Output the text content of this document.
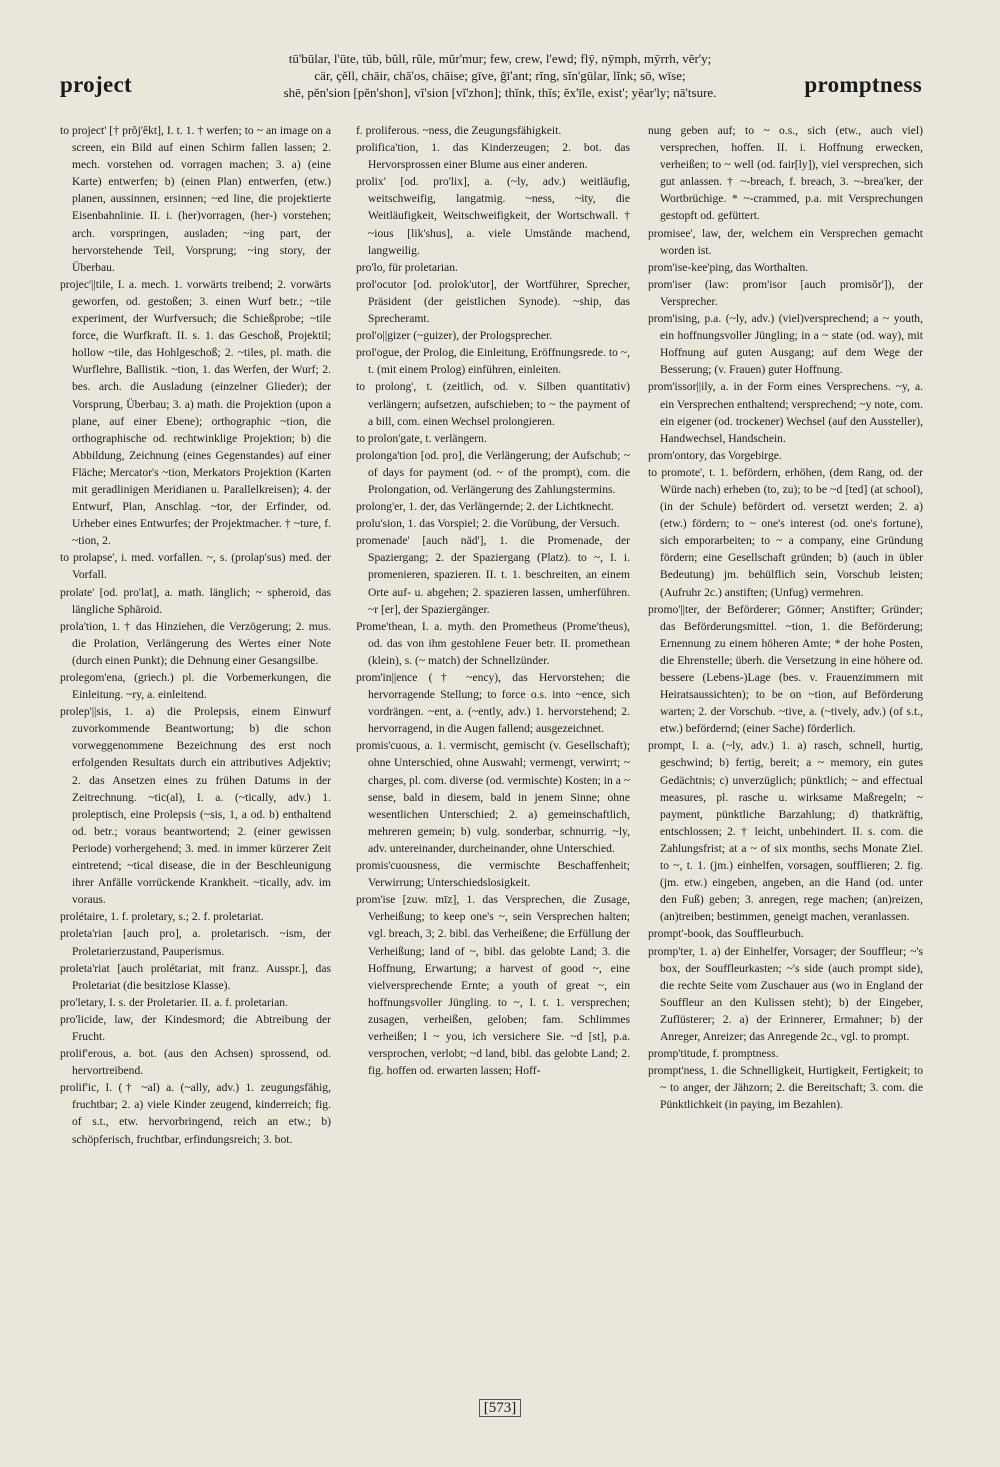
project
tū'būlar, l'ūte, tŭb, bŭll, rûle, mŭr'mur; few, crew, l'ewd; flȳ, nȳmph, mȳrrh, vĕr'y;
cär, çĕll, chāir, chā'os, chāise; gīve, ğī'ant; rĭng, sĭn'gūlar, lĭnk; sō, wīse;
shē, pĕn'sion [pĕn'shon], vĭ'sion [vĭ'zhon]; thĭnk, thĭs; ĕx'īle, exist'; yĕar'ly; nā'tsure.	promptness
to project' [† prŏj'ĕkt], I. t. 1. † werfen; to ~ an image on a screen, ein Bild auf einen Schirm fallen lassen; 2. mech. vorstehen od. vorragen machen; 3. a) (eine Karte) entwerfen; b) (einen Plan) entwerfen, (etw.) planen, aussinnen, ersinnen; ~ed line, die projektierte Eisenbahnlinie. II. i. (her)vorragen, (her-) vorstehen; arch. vorspringen, ausladen; ~ing part, der hervorstehende Teil, Vorsprung; ~ing story, der Überbau.
projec'||tile, I. a. mech. 1. vorwärts treibend; 2. vorwärts geworfen, od. gestoßen; 3. einen Wurf betr.; ~tile experiment, der Wurfversuch; die Schießprobe; ~tile force, die Wurfkraft. II. s. 1. das Geschoß, Projektil; hollow ~tile, das Hohlgeschoß; 2. ~tiles, pl. math. die Wurflehre, Ballistik. ~tion, 1. das Werfen, der Wurf; 2. bes. arch. die Ausladung (einzelner Glieder); der Vorsprung, Überbau; 3. a) math. die Projektion (upon a plane, auf einer Ebene); orthographic ~tion, die orthographische od. rechtwinklige Projektion; b) die Abbildung, Zeichnung (eines Gegenstandes) auf einer Fläche; Mercator's ~tion, Merkators Projektion (Karten mit geradlinigen Meridianen u. Parallelkreisen); 4. der Entwurf, Plan, Anschlag. ~tor, der Erfinder, od. Urheber eines Entwurfes; der Projektmacher. † ~ture, f. ~tion, 2.
to prolapse', i. med. vorfallen. ~, s. (prolap'sus) med. der Vorfall.
prolate' [od. pro'lat], a. math. länglich; ~ spheroid, das längliche Sphäroid.
prola'tion, 1. † das Hinziehen, die Verzögerung; 2. mus. die Prolation, Verlängerung des Wertes einer Note (durch einen Punkt); die Dehnung einer Gesangsilbe.
prolegom'ena, (griech.) pl. die Vorbemerkungen, die Einleitung. ~ry, a. einleitend.
prolep'||sis, 1. a) die Prolepsis, einem Einwurf zuvorkommende Beantwortung; b) die schon vorweggenommene Bezeichnung des erst noch erfolgenden Resultats durch ein attributives Adjektiv; 2. das Ansetzen eines zu frühen Datums in der Zeitrechnung. ~tic(al), I. a. (~tically, adv.) 1. proleptisch, eine Prolepsis (~sis, 1, a od. b) enthaltend od. betr.; voraus beantwortend; 2. (einer gewissen Periode) vorhergehend; 3. med. in immer kürzerer Zeit eintretend; ~tical disease, die in der Beschleunigung ihrer Anfälle vorrückende Krankheit. ~tically, adv. im voraus.
prolétaire, 1. f. proletary, s.; 2. f. proletariat.
proleta'rian [auch pro], a. proletarisch. ~ism, der Proletarierzustand, Pauperismus.
proleta'riat [auch prolétariat, mit franz. Ausspr.], das Proletariat (die besitzlose Klasse).
pro'letary, I. s. der Proletarier. II. a. f. proletarian.
pro'licide, law, der Kindesmord; die Abtreibung der Frucht.
prolif'erous, a. bot. (aus den Achsen) sprossend, od. hervortreibend.
prolif'ic, I. († ~al) a. (~ally, adv.) 1. zeugungsfähig, fruchtbar; 2. a) viele Kinder zeugend, kinderreich; fig. of s.t., etw. hervorbringend, reich an etw.; b) schöpferisch, fruchtbar, erfindungsreich; 3. bot.
f. proliferous. ~ness, die Zeugungsfähigkeit.
prolifica'tion, 1. das Kinderzeugen; 2. bot. das Hervorsprossen einer Blume aus einer anderen.
prolix' [od. pro'lix], a. (~ly, adv.) weitläufig, weitschweifig, langatmig. ~ness, ~ity, die Weitläufigkeit, Weitschweifigkeit, der Wortschwall. † ~ious [lik'shus], a. viele Umstände machend, langweilig.
pro'lo, für proletarian.
prol'ocutor [od. prolok'utor], der Wortführer, Sprecher, Präsident (der geistlichen Synode). ~ship, das Sprecheramt.
prol'o||gizer (~guizer), der Prologsprecher.
prol'ogue, der Prolog, die Einleitung, Eröffnungsrede. to ~, t. (mit einem Prolog) einführen, einleiten.
to prolong', t. (zeitlich, od. v. Silben quantitativ) verlängern; aufsetzen, aufschieben; to ~ the payment of a bill, com. einen Wechsel prolongieren.
to prolon'gate, t. verlängern.
prolonga'tion [od. pro], die Verlängerung; der Aufschub; ~ of days for payment (od. ~ of the prompt), com. die Prolongation, od. Verlängerung des Zahlungstermins.
prolong'er, 1. der, das Verlängernde; 2. der Lichtknecht.
prolu'sion, 1. das Vorspiel; 2. die Vorübung, der Versuch.
promenade' [auch näd'], 1. die Promenade, der Spaziergang; 2. der Spaziergang (Platz). to ~, I. i. promenieren, spazieren. II. t. 1. beschreiten, an einem Orte auf- u. abgehen; 2. spazieren lassen, umherführen. ~r [er], der Spaziergänger.
Prome'thean, I. a. myth. den Prometheus (Prome'theus), od. das von ihm gestohlene Feuer betr. II. promethean (klein), s. (~ match) der Schnellzünder.
prom'in||ence († ~ency), das Hervorstehen; die hervorragende Stellung; to force o.s. into ~ence, sich vordrängen. ~ent, a. (~ently, adv.) 1. hervorstehend; 2. hervorragend, in die Augen fallend; ausgezeichnet.
promis'cuous, a. 1. vermischt, gemischt (v. Gesellschaft); ohne Unterschied, ohne Auswahl; vermengt, verwirrt; ~ charges, pl. com. diverse (od. vermischte) Kosten; in a ~ sense, bald in diesem, bald in jenem Sinne; ohne wesentlichen Unterschied; 2. a) gemeinschaftlich, mehreren gemein; b) vulg. sonderbar, schnurrig. ~ly, adv. untereinander, durcheinander, ohne Unterschied.
promis'cuousness, die vermischte Beschaffenheit; Verwirrung; Unterschiedslosigkeit.
prom'ise [zuw. mīz], 1. das Versprechen, die Zusage, Verheißung; to keep one's ~, sein Versprechen halten; vgl. breach, 3; 2. bibl. das Verheißene; die Erfüllung der Verheißung; land of ~, bibl. das gelobte Land; 3. die Hoffnung, Erwartung; a harvest of good ~, eine vielversprechende Ernte; a youth of great ~, ein hoffnungsvoller Jüngling. to ~, I. t. 1. versprechen; zusagen, verheißen, geloben; fam. Schlimmes verheißen; I ~ you, ich versichere Sie. ~d [st], p.a. versprochen, verlobt; ~d land, bibl. das gelobte Land; 2. fig. hoffen od. erwarten lassen; Hoff-
nung geben auf; to ~ o.s., sich (etw., auch viel) versprechen, hoffen. II. i. Hoffnung erwecken, verheißen; to ~ well (od. fair[ly]), viel versprechen, sich gut anlassen. † ~-breach, f. breach, 3. ~-brea'ker, der Wortbrüchige. * ~-crammed, p.a. mit Versprechungen gestopft od. gefüttert.
promisee', law, der, welchem ein Versprechen gemacht worden ist.
prom'ise-kee'ping, das Worthalten.
prom'iser (law: prom'isor [auch promisŏr']), der Versprecher.
prom'ising, p.a. (~ly, adv.) (viel)versprechend; a ~ youth, ein hoffnungsvoller Jüngling; in a ~ state (od. way), mit Hoffnung auf guten Ausgang; auf dem Wege der Besserung; (v. Frauen) guter Hoffnung.
prom'issor||ily, a. in der Form eines Versprechens. ~y, a. ein Versprechen enthaltend; versprechend; ~y note, com. ein eigener (od. trockener) Wechsel (auf den Aussteller), Handwechsel, Handschein.
prom'ontory, das Vorgebirge.
to promote', t. 1. befördern, erhöhen, (dem Rang, od. der Würde nach) erheben (to, zu); to be ~d [ted] (at school), (in der Schule) befördert od. versetzt werden; 2. a) (etw.) fördern; to ~ one's interest (od. one's fortune), sich emporarbeiten; to ~ a company, eine Gründung fördern; eine Gesellschaft gründen; b) (auch in übler Bedeutung) jm. behülflich sein, Vorschub leisten; (Aufruhr 2c.) anstiften; (Unfug) vermehren.
promo'||ter, der Beförderer; Gönner; Anstifter; Gründer; das Beförderungsmittel. ~tion, 1. die Beförderung; Ernennung zu einem höheren Amte; * der hohe Posten, die Ehrenstelle; überh. die Versetzung in eine höhere od. bessere (Lebens-)Lage (bes. v. Frauenzimmern mit Heiratsaussichten); to be on ~tion, auf Beförderung warten; 2. der Vorschub. ~tive, a. (~tively, adv.) (of s.t., etw.) befördernd; (einer Sache) förderlich.
prompt, I. a. (~ly, adv.) 1. a) rasch, schnell, hurtig, geschwind; b) fertig, bereit; a ~ memory, ein gutes Gedächtnis; c) unverzüglich; pünktlich; ~ and effectual measures, pl. rasche u. wirksame Maßregeln; ~ payment, pünktliche Barzahlung; d) thatkräftig, entschlossen; 2. † leicht, unbehindert. II. s. com. die Zahlungsfrist; at a ~ of six months, sechs Monate Ziel. to ~, t. 1. (jm.) einhelfen, vorsagen, soufflieren; 2. fig. (jm. etw.) eingeben, angeben, an die Hand (od. unter den Fuß) geben; 3. anregen, rege machen; (an)reizen, (an)treiben; bestimmen, geneigt machen, veranlassen.
prompt'-book, das Souffleurbuch.
promp'ter, 1. a) der Einhelfer, Vorsager; der Souffleur; ~'s box, der Souffleurkasten; ~'s side (auch prompt side), die rechte Seite vom Zuschauer aus (wo in England der Souffleur an den Kulissen steht); b) der Eingeber, Zuflüsterer; 2. a) der Erinnerer, Ermahner; b) der Anreger, Anreizer; das Anregende 2c., vgl. to prompt.
promp'titude, f. promptness.
prompt'ness, 1. die Schnelligkeit, Hurtigkeit, Fertigkeit; to ~ to anger, der Jähzorn; 2. die Bereitschaft; 3. com. die Pünktlichkeit (in paying, im Bezahlen).
[573]
